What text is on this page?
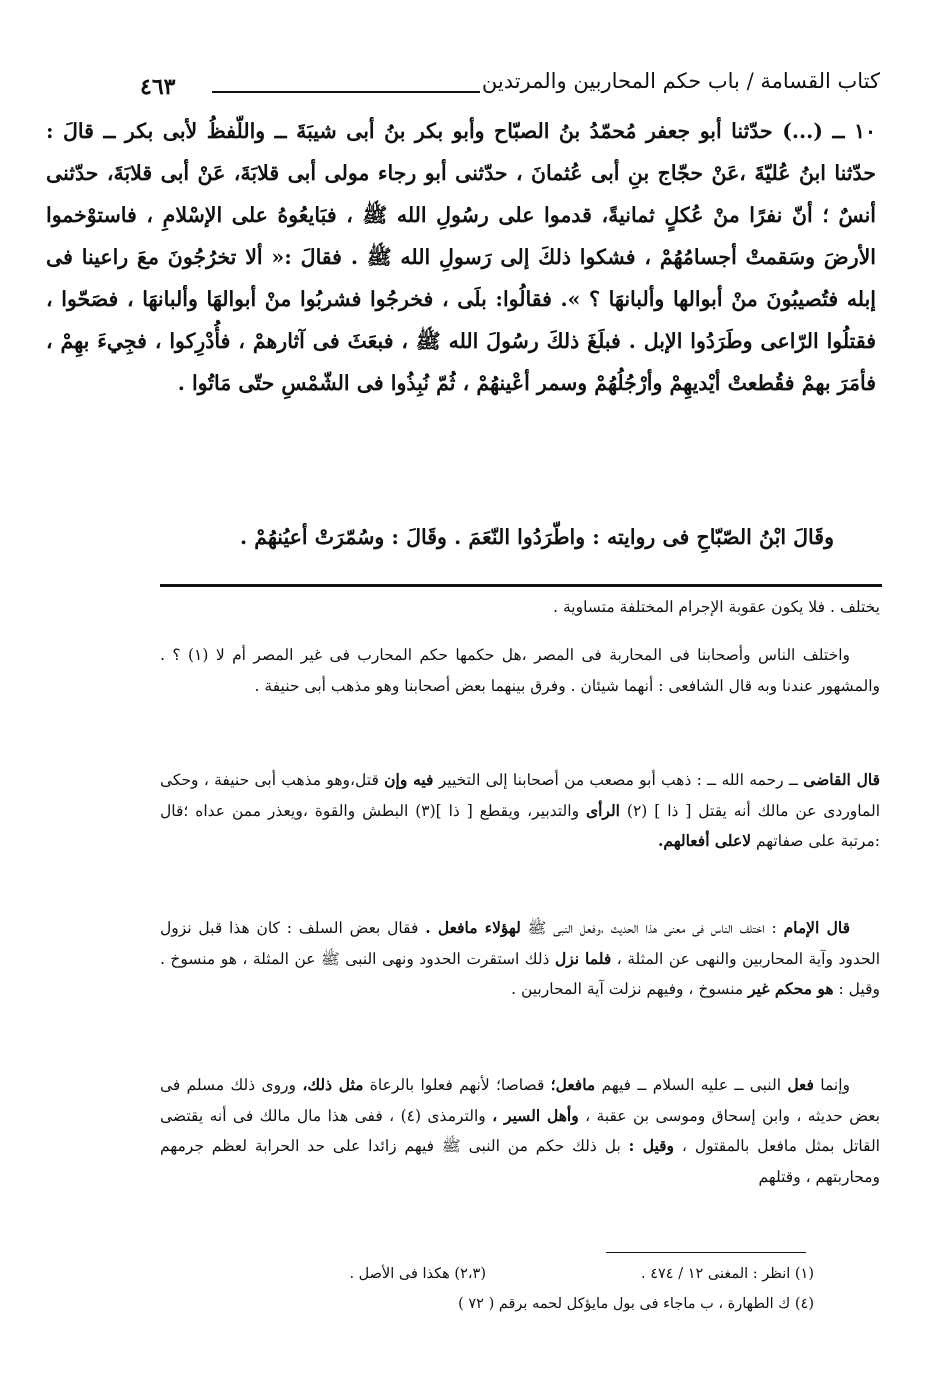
كتاب القسامة / باب حكم المحاربين والمرتدين
٤٦٣

١٠ ــ (...) حدّثنا أبو جعفر مُحمّدُ بنُ الصبّاح وأبو بكر بنُ أبى شيبَةَ ــ واللّفظُ لأبى بكر ــ قالَ : حدّثنا ابنُ عُليّةَ ،عَنْ حجّاج بنِ أبى عُثمانَ ، حدّثنى أبو رجاء مولى أبى قلابَةَ، عَنْ أبى قلابَةَ، حدّثنى أنسٌ ؛ أنّ نفرًا منْ عُكلٍ ثمانيةً، قدموا على رسُولِ الله ﷺ ، فبَايعُوهُ على الإسْلامِ ، فاستوْخموا الأرضَ وسَقمتْ أجسامُهُمْ ، فشكوا ذلكَ إلى رَسولِ الله ﷺ . فقالَ :« ألا تخرُجُونَ معَ راعينا فى إبله فتُصيبُونَ منْ أبوالها وألبانهَا ؟ ». فقالُوا: بلَى ، فخرجُوا فشربُوا منْ أبوالهَا وألبانهَا ، فصَحّوا ، فقتلُوا الرّاعى وطَرَدُوا الإبل . فبلَغَ ذلكَ رسُولَ الله ﷺ ، فبعَثَ فى آثارهمْ ، فأُدْرِكوا ، فجِيءَ بهِمْ ، فأمَرَ بهمْ فقُطعتْ أيْديهِمْ وأرْجُلُهُمْ وسمر أعْينهُمْ ، ثُمّ نُبِذُوا فى الشّمْسِ حتّى مَاتُوا .

وقَالَ ابْنُ الصّبّاحِ فى روايته : واطّرَدُوا النّعَمَ . وقَالَ : وسُمّرَتْ أعيُنهُمْ .

يختلف . فلا يكون عقوبة الإجرام المختلفة متساوية .

واختلف الناس وأصحابنا فى المحاربة فى المصر ،هل حكمها حكم المحارب فى غير المصر أم لا (١) ؟ . والمشهور عندنا وبه قال الشافعى : أنهما شيئان . وفرق بينهما بعض أصحابنا وهو مذهب أبى حنيفة .

قال القاضى ــ رحمه الله ــ : ذهب أبو مصعب من أصحابنا إلى التخيير فيه وإن قتل،وهو مذهب أبى حنيفة ، وحكى الماوردى عن مالك أنه يقتل [ ذا ] (٢) الرأى والتدبير، ويقطع [ ذا ](٣) البطش والقوة ،ويعذر ممن عداه ؛قال :مرتبة على صفاتهم لاعلى أفعالهم.

قال الإمام : اختلف الناس فى معنى هذا الحديث ،وفعل النبى ﷺ لهؤلاء مافعل . فقال بعض السلف : كان هذا قبل نزول الحدود وآية المحاربين والنهى عن المثلة ، فلما نزل ذلك استقرت الحدود ونهى النبى ﷺ عن المثلة ، هو منسوخ . وقيل : هو محكم غير منسوخ ، وفيهم نزلت آية المحاربين .

وإنما فعل النبى ــ عليه السلام ــ فيهم مافعل؛ قصاصا؛ لأنهم فعلوا بالرعاة مثل ذلك، وروى ذلك مسلم فى بعض حديثه ، وابن إسحاق وموسى بن عقبة ، وأهل السير ، والترمذى (٤) ، ففى هذا مال مالك فى أنه يقتضى القاتل بمثل مافعل بالمقتول ، وقيل : بل ذلك حكم من النبى ﷺ فيهم زائدا على حد الحرابة لعظم جرمهم ومحاربتهم ، وقتلهم

(١) انظر : المغنى ١٢ / ٤٧٤ .

(٢،٣) هكذا فى الأصل .

(٤) ك الطهارة ، ب ماجاء فى بول مايؤكل لحمه برقم ( ٧٢ )
